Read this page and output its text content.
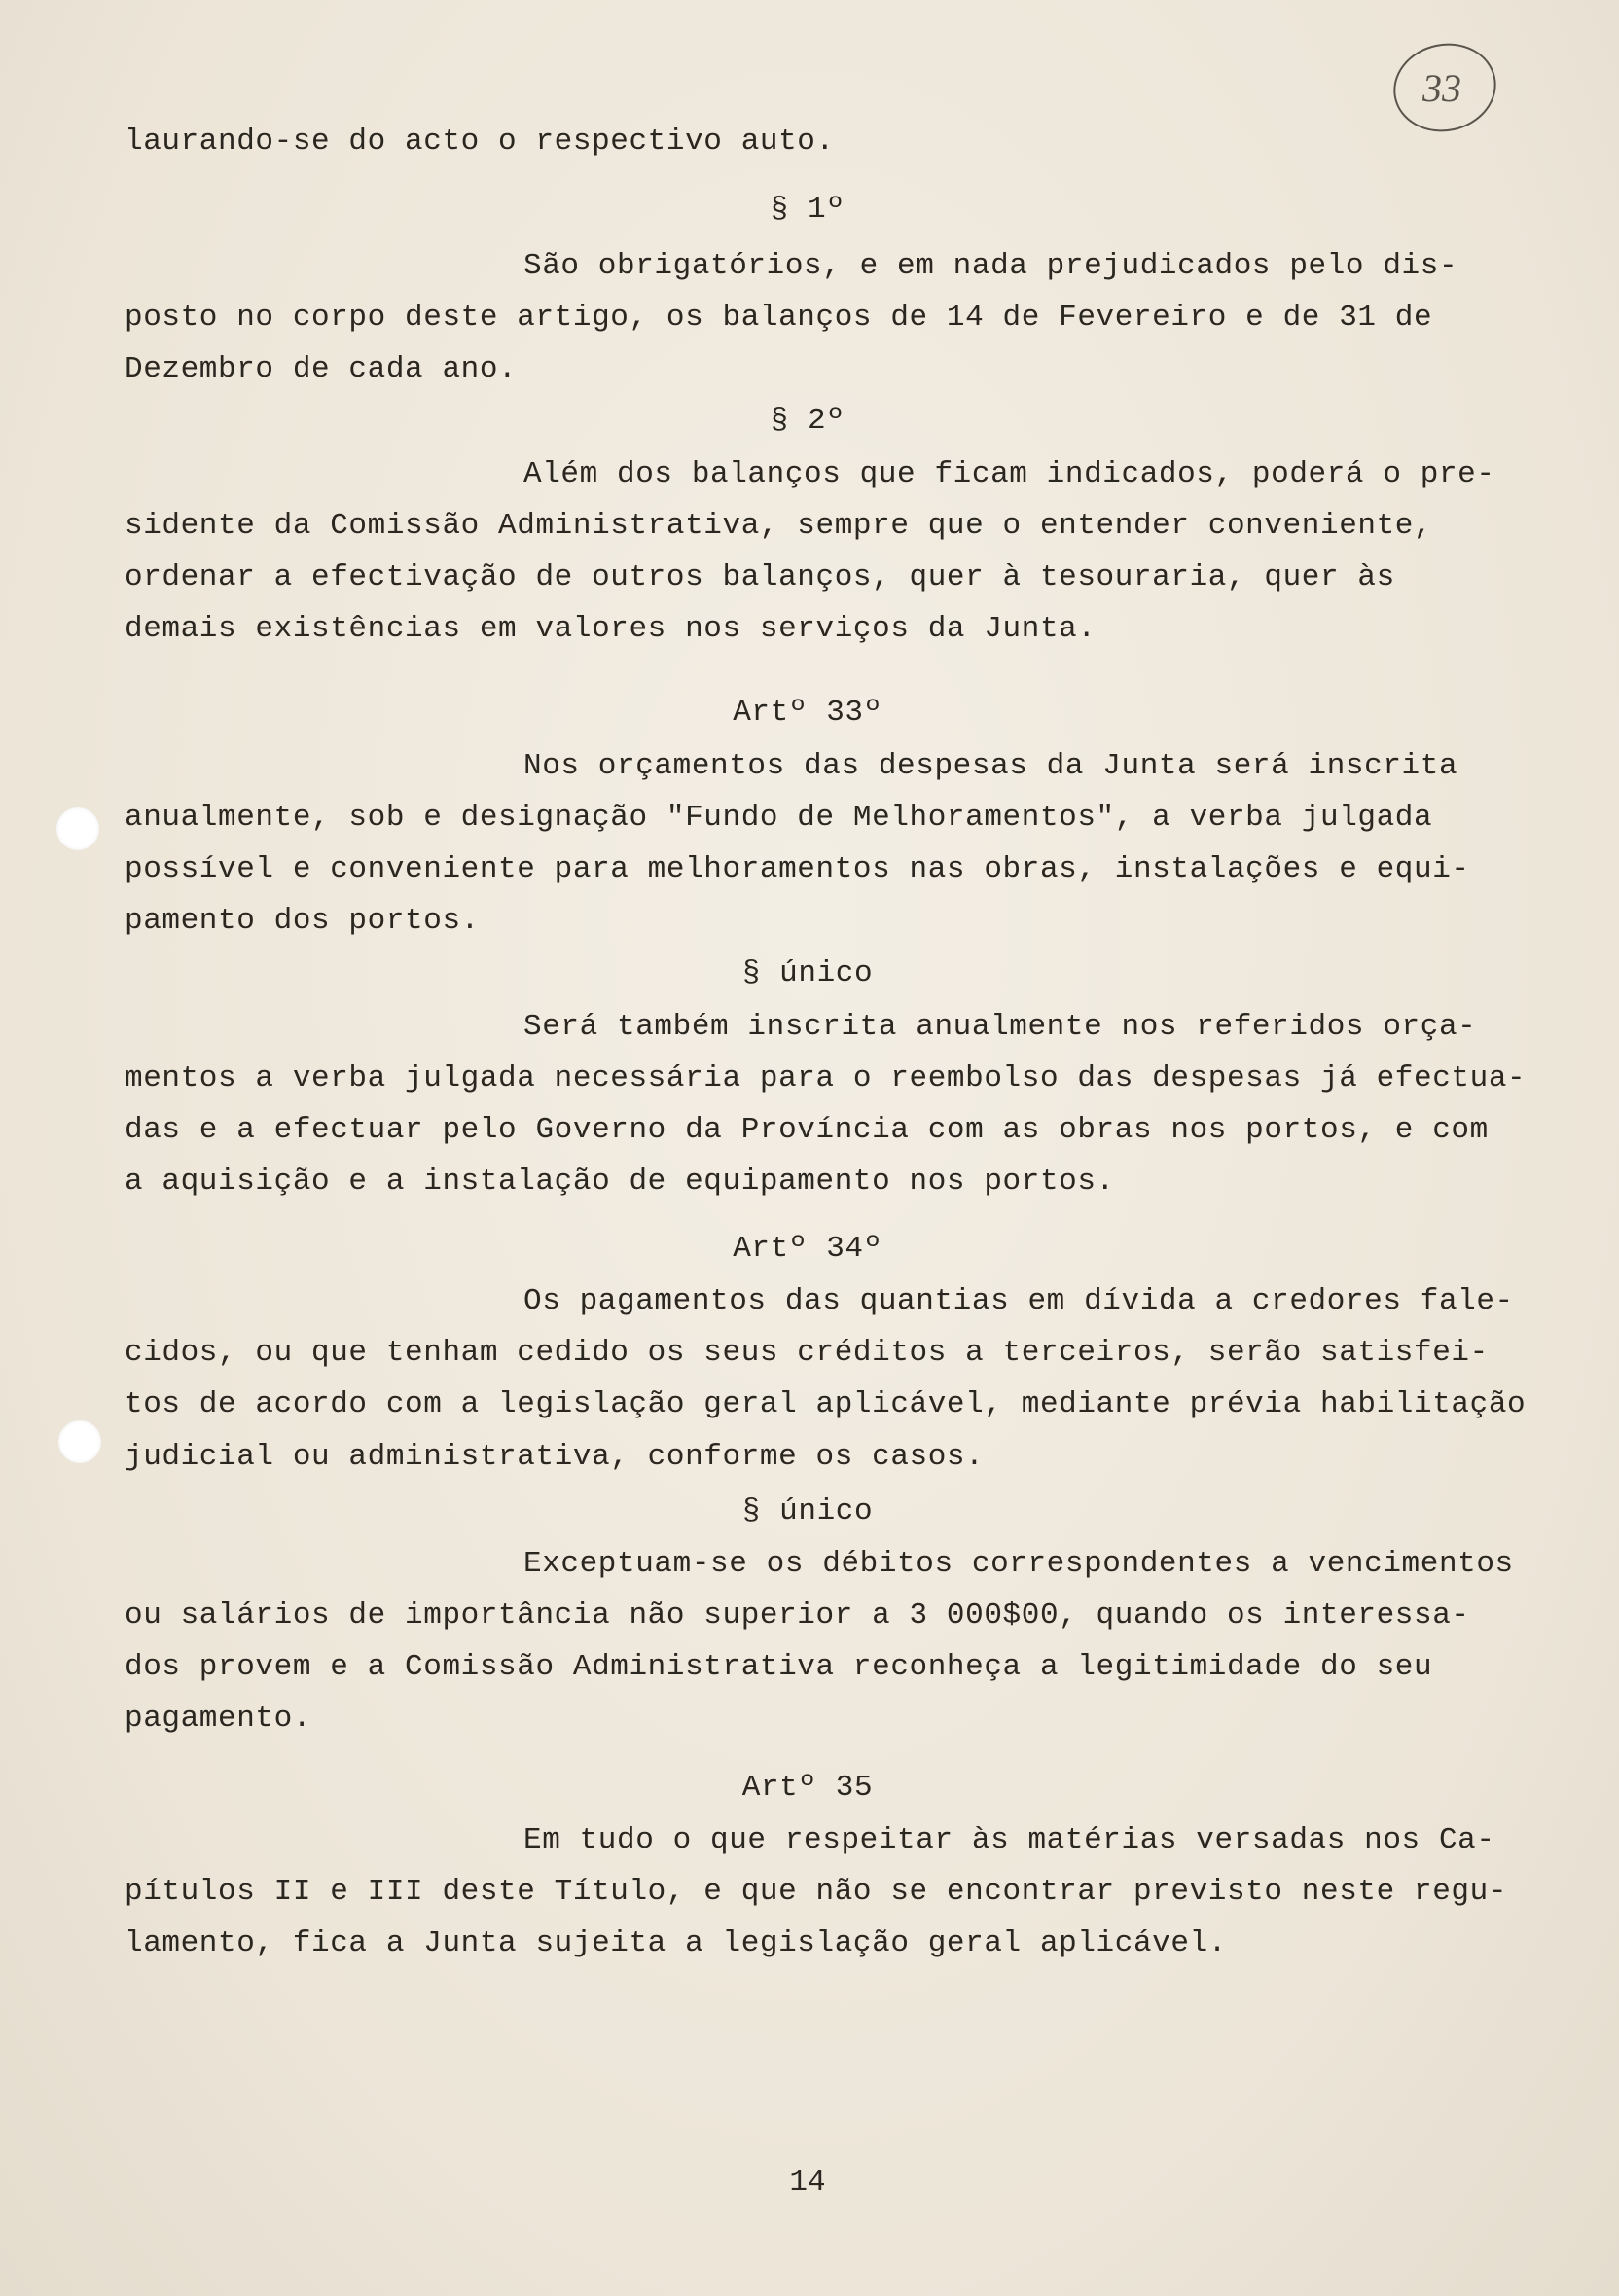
33
laurando-se do acto o respectivo auto.
§ 1º
São obrigatórios, e em nada prejudicados pelo dis-
posto no corpo deste artigo, os balanços de 14 de Fevereiro e de 31 de
Dezembro de cada ano.
§ 2º
Além dos balanços que ficam indicados, poderá o pre-
sidente da Comissão Administrativa, sempre que o entender conveniente,
ordenar a efectivação de outros balanços, quer à tesouraria, quer às
demais existências em valores nos serviços da Junta.
Artº 33º
Nos orçamentos das despesas da Junta será inscrita
anualmente, sob e designação "Fundo de Melhoramentos", a verba julgada
possível e conveniente para melhoramentos nas obras, instalações e equi-
pamento dos portos.
§ único
Será também inscrita anualmente nos referidos orça-
mentos a verba julgada necessária para o reembolso das despesas já efectua-
das e a efectuar pelo Governo da Província com as obras nos portos, e com
a aquisição e a instalação de equipamento nos portos.
Artº 34º
Os pagamentos das quantias em dívida a credores fale-
cidos, ou que tenham cedido os seus créditos a terceiros, serão satisfei-
tos de acordo com a legislação geral aplicável, mediante prévia habilitação
judicial ou administrativa, conforme os casos.
§ único
Exceptuam-se os débitos correspondentes a vencimentos
ou salários de importância não superior a 3 000$00, quando os interessa-
dos provem e a Comissão Administrativa reconheça a legitimidade do seu
pagamento.
Artº 35
Em tudo o que respeitar às matérias versadas nos Ca-
pítulos II e III deste Título, e que não se encontrar previsto neste regu-
lamento, fica a Junta sujeita a legislação geral aplicável.
14
